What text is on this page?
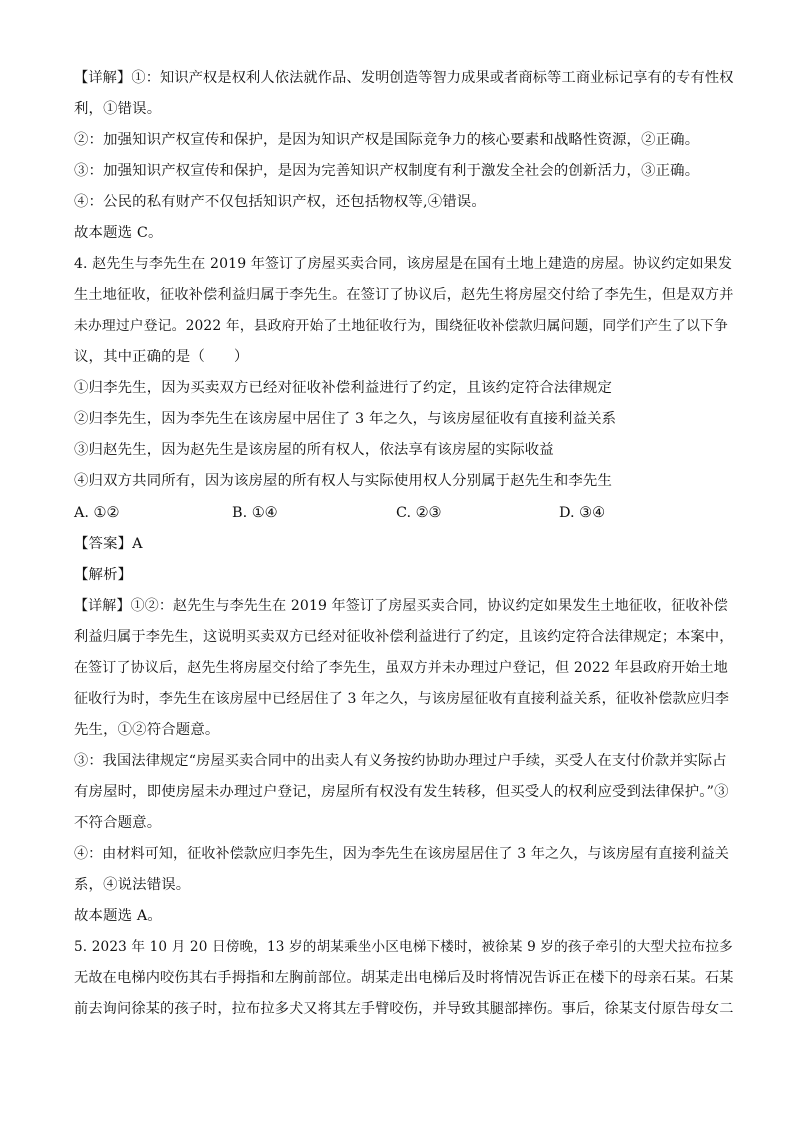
【详解】①：知识产权是权利人依法就作品、发明创造等智力成果或者商标等工商业标记享有的专有性权
利，①错误。
②：加强知识产权宣传和保护，是因为知识产权是国际竞争力的核心要素和战略性资源，②正确。
③：加强知识产权宣传和保护，是因为完善知识产权制度有利于激发全社会的创新活力，③正确。
④：公民的私有财产不仅包括知识产权，还包括物权等,④错误。
故本题选 C。
4. 赵先生与李先生在 2019 年签订了房屋买卖合同，该房屋是在国有土地上建造的房屋。协议约定如果发
生土地征收，征收补偿利益归属于李先生。在签订了协议后，赵先生将房屋交付给了李先生，但是双方并
未办理过户登记。2022 年，县政府开始了土地征收行为，围绕征收补偿款归属问题，同学们产生了以下争
议，其中正确的是（　　）
①归李先生，因为买卖双方已经对征收补偿利益进行了约定，且该约定符合法律规定
②归李先生，因为李先生在该房屋中居住了 3 年之久，与该房屋征收有直接利益关系
③归赵先生，因为赵先生是该房屋的所有权人，依法享有该房屋的实际收益
④归双方共同所有，因为该房屋的所有权人与实际使用权人分别属于赵先生和李先生
A. ①②	B. ①④	C. ②③	D. ③④
【答案】A
【解析】
【详解】①②：赵先生与李先生在 2019 年签订了房屋买卖合同，协议约定如果发生土地征收，征收补偿
利益归属于李先生，这说明买卖双方已经对征收补偿利益进行了约定，且该约定符合法律规定；本案中，
在签订了协议后，赵先生将房屋交付给了李先生，虽双方并未办理过户登记，但 2022 年县政府开始土地
征收行为时，李先生在该房屋中已经居住了 3 年之久，与该房屋征收有直接利益关系，征收补偿款应归李
先生，①②符合题意。
③：我国法律规定“房屋买卖合同中的出卖人有义务按约协助办理过户手续，买受人在支付价款并实际占
有房屋时，即使房屋未办理过户登记，房屋所有权没有发生转移，但买受人的权利应受到法律保护。”③
不符合题意。
④：由材料可知，征收补偿款应归李先生，因为李先生在该房屋居住了 3 年之久，与该房屋有直接利益关
系，④说法错误。
故本题选 A。
5. 2023 年 10 月 20 日傍晚，13 岁的胡某乘坐小区电梯下楼时，被徐某 9 岁的孩子牵引的大型犬拉布拉多
无故在电梯内咬伤其右手拇指和左胸前部位。胡某走出电梯后及时将情况告诉正在楼下的母亲石某。石某
前去询问徐某的孩子时，拉布拉多犬又将其左手臂咬伤，并导致其腿部摔伤。事后，徐某支付原告母女二
